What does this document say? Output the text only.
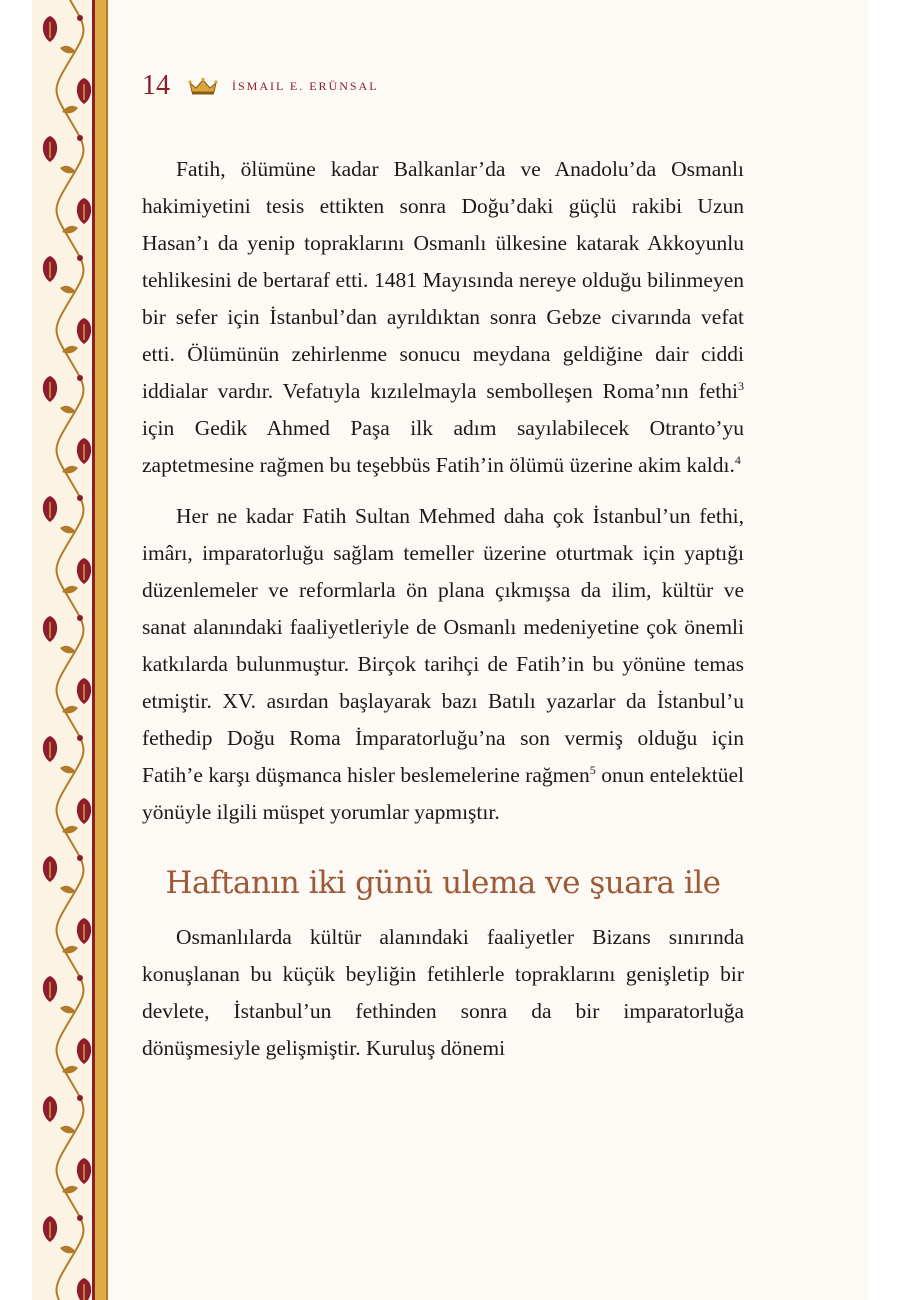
14	İSMAIL E. ERÜNSAL

Fatih, ölümüne kadar Balkanlar’da ve Anadolu’da Osmanlı hakimiyetini tesis ettikten sonra Doğu’daki güçlü rakibi Uzun Hasan’ı da yenip topraklarını Osmanlı ülkesine katarak Akkoyunlu tehlikesini de bertaraf etti. 1481 Mayısında nereye olduğu bilinmeyen bir sefer için İstanbul’dan ayrıldıktan sonra Gebze civarında vefat etti. Ölümünün zehirlenme sonucu meydana geldiğine dair ciddi iddialar vardır. Vefatıyla kızılelmayla sembolleşen Roma’nın fethi$^3$ için Gedik Ahmed Paşa ilk adım sayılabilecek Otranto’yu zaptetmesine rağmen bu teşebbüs Fatih’in ölümü üzerine akim kaldı.$^4$

Her ne kadar Fatih Sultan Mehmed daha çok İstanbul’un fethi, imârı, imparatorluğu sağlam temeller üzerine oturtmak için yaptığı düzenlemeler ve reformlarla ön plana çıkmışsa da ilim, kültür ve sanat alanındaki faaliyetleriyle de Osmanlı medeniyetine çok önemli katkılarda bulunmuştur. Birçok tarihçi de Fatih’in bu yönüne temas etmiştir. XV. asırdan başlayarak bazı Batılı yazarlar da İstanbul’u fethedip Doğu Roma İmparatorluğu’na son vermiş olduğu için Fatih’e karşı düşmanca hisler beslemelerine rağmen$^5$ onun entelektüel yönüyle ilgili müspet yorumlar yapmıştır.

Haftanın iki günü ulema ve şuara ile

Osmanlılarda kültür alanındaki faaliyetler Bizans sınırında konuşlanan bu küçük beyliğin fetihlerle topraklarını genişletip bir devlete, İstanbul’un fethinden sonra da bir imparatorluğa dönüşmesiyle gelişmiştir. Kuruluş dönemi
